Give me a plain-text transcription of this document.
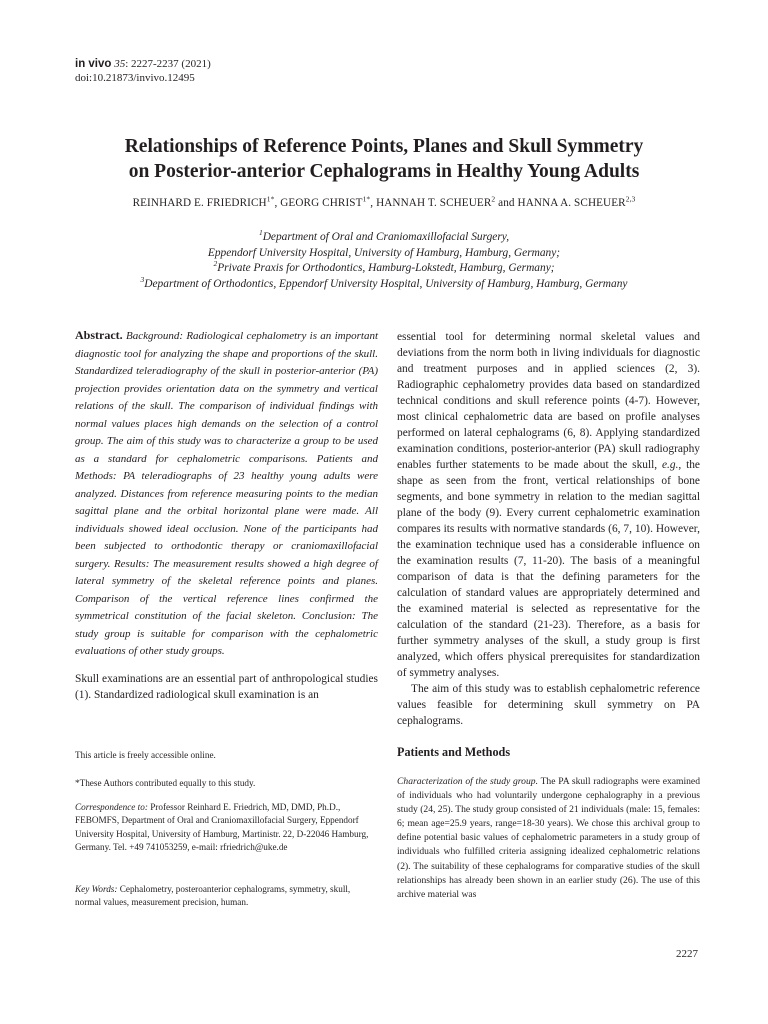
in vivo 35: 2227-2237 (2021)
doi:10.21873/invivo.12495
Relationships of Reference Points, Planes and Skull Symmetry
on Posterior-anterior Cephalograms in Healthy Young Adults
REINHARD E. $FRIEDRICH^{1*}$, GEORG $CHRIST^{1*}$, HANNAH T. SCHEUER$^2$ and HANNA A. SCHEUER$^{2,3}$
$^1$Department of Oral and Craniomaxillofacial Surgery,
Eppendorf University Hospital, University of Hamburg, Hamburg, Germany;
$^2$Private Praxis for Orthodontics, Hamburg-Lokstedt, Hamburg, Germany;
$^3$Department of Orthodontics, Eppendorf University Hospital, University of Hamburg, Hamburg, Germany
Abstract. Background: Radiological cephalometry is an important diagnostic tool for analyzing the shape and proportions of the skull. Standardized teleradiography of the skull in posterior-anterior (PA) projection provides orientation data on the symmetry and vertical relations of the skull. The comparison of individual findings with normal values places high demands on the selection of a control group. The aim of this study was to characterize a group to be used as a standard for cephalometric comparisons. Patients and Methods: PA teleradiographs of 23 healthy young adults were analyzed. Distances from reference measuring points to the median sagittal plane and the orbital horizontal plane were made. All individuals showed ideal occlusion. None of the participants had been subjected to orthodontic therapy or craniomaxillofacial surgery. Results: The measurement results showed a high degree of lateral symmetry of the skeletal reference points and planes. Comparison of the vertical reference lines confirmed the symmetrical constitution of the facial skeleton. Conclusion: The study group is suitable for comparison with the cephalometric evaluations of other study groups.
Skull examinations are an essential part of anthropological studies (1). Standardized radiological skull examination is an
This article is freely accessible online.
*These Authors contributed equally to this study.
Correspondence to: Professor Reinhard E. Friedrich, MD, DMD, Ph.D., FEBOMFS, Department of Oral and Craniomaxillofacial Surgery, Eppendorf University Hospital, University of Hamburg, Martinistr. 22, D-22046 Hamburg, Germany. Tel. +49 741053259, e-mail: rfriedrich@uke.de
Key Words: Cephalometry, posteroanterior cephalograms, symmetry, skull, normal values, measurement precision, human.
essential tool for determining normal skeletal values and deviations from the norm both in living individuals for diagnostic and treatment purposes and in applied sciences (2, 3). Radiographic cephalometry provides data based on standardized technical conditions and skull reference points (4-7). However, most clinical cephalometric data are based on profile analyses performed on lateral cephalograms (6, 8). Applying standardized examination conditions, posterior-anterior (PA) skull radiography enables further statements to be made about the skull, e.g., the shape as seen from the front, vertical relationships of bone segments, and bone symmetry in relation to the median sagittal plane of the body (9). Every current cephalometric examination compares its results with normative standards (6, 7, 10). However, the examination technique used has a considerable influence on the examination results (7, 11-20). The basis of a meaningful comparison of data is that the defining parameters for the calculation of standard values are appropriately determined and the examined material is selected as representative for the calculation of the standard (21-23). Therefore, as a basis for further symmetry analyses of the skull, a study group is first analyzed, which offers physical prerequisites for standardization of symmetry analyses.
The aim of this study was to establish cephalometric reference values feasible for determining skull symmetry on PA cephalograms.
Patients and Methods
Characterization of the study group. The PA skull radiographs were examined of individuals who had voluntarily undergone cephalography in a previous study (24, 25). The study group consisted of 21 individuals (male: 15, females: 6; mean age=25.9 years, range=18-30 years). We chose this archival group to define potential basic values of cephalometric parameters in a study group of individuals who fulfilled criteria assigning idealized cephalometric relations (2). The suitability of these cephalograms for comparative studies of the skull relationships has already been shown in an earlier study (26). The use of this archive material was
2227
